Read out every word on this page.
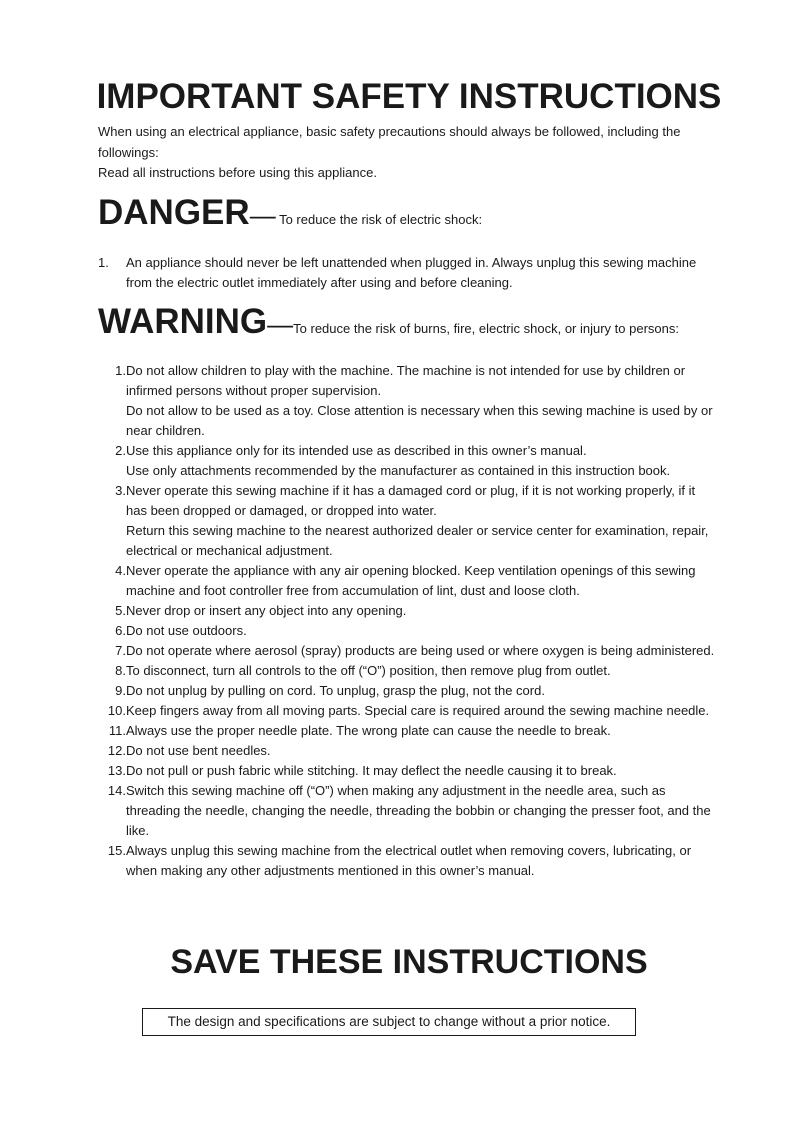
IMPORTANT SAFETY INSTRUCTIONS

When using an electrical appliance, basic safety precautions should always be followed, including the followings:

Read all instructions before using this appliance.

DANGER— To reduce the risk of electric shock:
1.	An appliance should never be left unattended when plugged in. Always unplug this sewing machine from the electric outlet immediately after using and before cleaning.
WARNING—To reduce the risk of burns, fire, electric shock, or injury to persons:
1. Do not allow children to play with the machine. The machine is not intended for use by children or infirmed persons without proper supervision.
Do not allow to be used as a toy. Close attention is necessary when this sewing machine is used by or near children.
2. Use this appliance only for its intended use as described in this owner’s manual.
Use only attachments recommended by the manufacturer as contained in this instruction book.
3. Never operate this sewing machine if it has a damaged cord or plug, if it is not working properly, if it has been dropped or damaged, or dropped into water.
Return this sewing machine to the nearest authorized dealer or service center for examination, repair, electrical or mechanical adjustment.
4. Never operate the appliance with any air opening blocked. Keep ventilation openings of this sewing machine and foot controller free from accumulation of lint, dust and loose cloth.
5. Never drop or insert any object into any opening.
6. Do not use outdoors.
7. Do not operate where aerosol (spray) products are being used or where oxygen is being administered.
8. To disconnect, turn all controls to the off (“O”) position, then remove plug from outlet.
9. Do not unplug by pulling on cord. To unplug, grasp the plug, not the cord.
10. Keep fingers away from all moving parts. Special care is required around the sewing machine needle.
11. Always use the proper needle plate. The wrong plate can cause the needle to break.
12. Do not use bent needles.
13. Do not pull or push fabric while stitching. It may deflect the needle causing it to break.
14. Switch this sewing machine off (“O”) when making any adjustment in the needle area, such as threading the needle, changing the needle, threading the bobbin or changing the presser foot, and the like.
15. Always unplug this sewing machine from the electrical outlet when removing covers, lubricating, or when making any other adjustments mentioned in this owner’s manual.
SAVE THESE INSTRUCTIONS
The design and specifications are subject to change without a prior notice.
